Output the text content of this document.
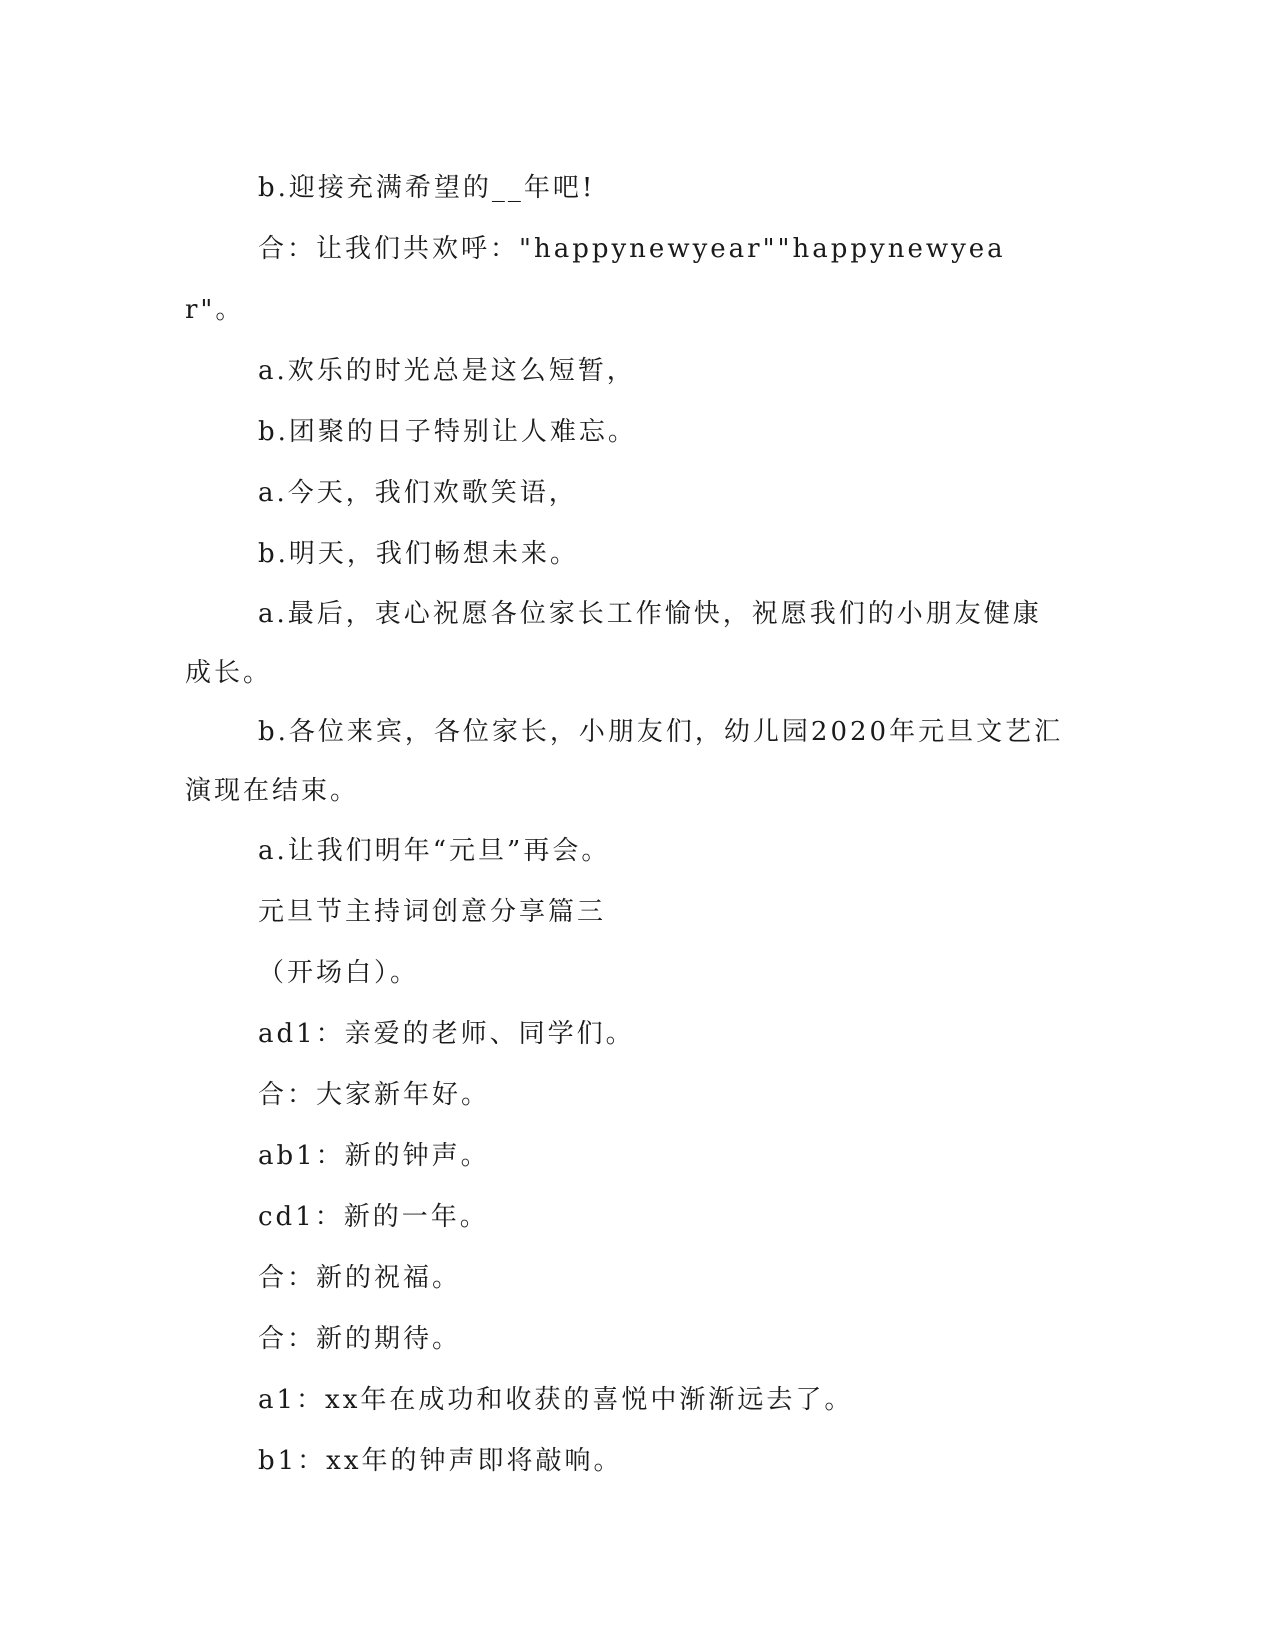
b.迎接充满希望的__年吧!

合：让我们共欢呼："happynewyear""happynewyear"。

a.欢乐的时光总是这么短暂，

b.团聚的日子特别让人难忘。

a.今天，我们欢歌笑语，

b.明天，我们畅想未来。

a.最后，衷心祝愿各位家长工作愉快，祝愿我们的小朋友健康成长。

b.各位来宾，各位家长，小朋友们，幼儿园2020年元旦文艺汇演现在结束。

a.让我们明年“元旦”再会。

元旦节主持词创意分享篇三

（开场白）。

ad1：亲爱的老师、同学们。

合：大家新年好。

ab1：新的钟声。

cd1：新的一年。

合：新的祝福。

合：新的期待。

a1：xx年在成功和收获的喜悦中渐渐远去了。

b1：xx年的钟声即将敲响。
